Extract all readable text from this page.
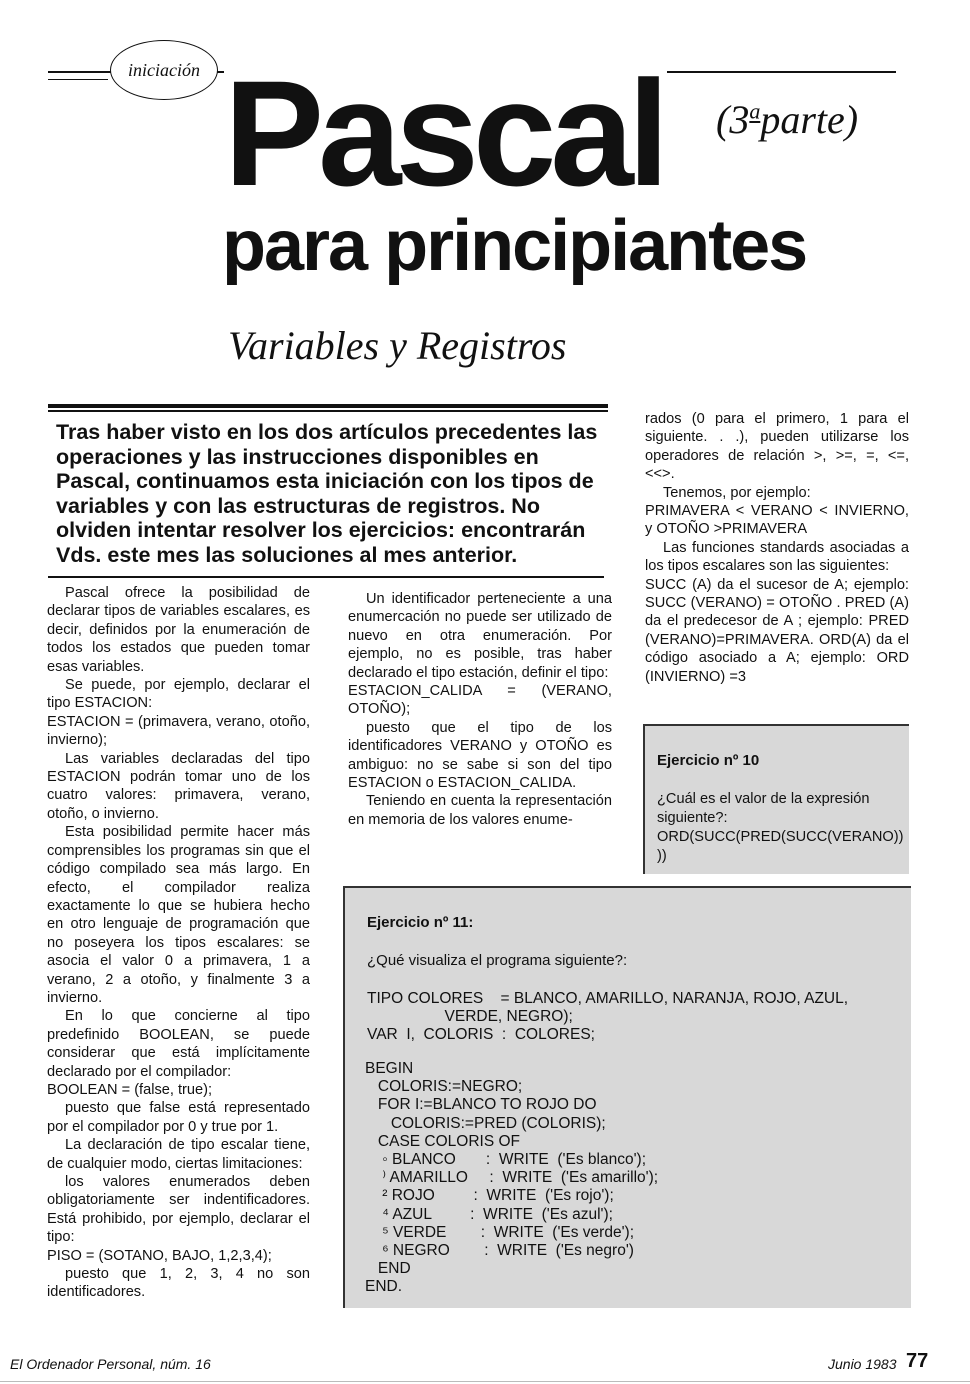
iniciación Pascal (3$^a$parte)
para principiantes
Variables y Registros
Tras haber visto en los dos artículos precedentes las operaciones y las instrucciones disponibles en Pascal, continuamos esta iniciación con los tipos de variables y con las estructuras de registros. No olviden intentar resolver los ejercicios: encontrarán Vds. este mes las soluciones al mes anterior.

Pascal ofrece la posibilidad de declarar tipos de variables escalares, es decir, definidos por la enumeración de todos los estados que pueden tomar esas variables.

Se puede, por ejemplo, declarar el tipo ESTACION:

ESTACION = (primavera, verano, otoño, invierno);

Las variables declaradas del tipo ESTACION podrán tomar uno de los cuatro valores: primavera, verano, otoño, o invierno.

Esta posibilidad permite hacer más comprensibles los programas sin que el código compilado sea más largo. En efecto, el compilador realiza exactamente lo que se hubiera hecho en otro lenguaje de programación que no poseyera los tipos escalares: se asocia el valor 0 a primavera, 1 a verano, 2 a otoño, y finalmente 3 a invierno.

En lo que concierne al tipo predefinido BOOLEAN, se puede considerar que está implícitamente declarado por el compilador:

BOOLEAN = (false, true);

puesto que false está representado por el compilador por 0 y true por 1.

La declaración de tipo escalar tiene, de cualquier modo, ciertas limitaciones:

los valores enumerados deben obligatoriamente ser indentificadores. Está prohibido, por ejemplo, declarar el tipo:

PISO = (SOTANO, BAJO, 1,2,3,4);

puesto que 1, 2, 3, 4 no son identificadores.

Un identificador perteneciente a una enumercación no puede ser utilizado de nuevo en otra enumeración. Por ejemplo, no es posible, tras haber declarado el tipo estación, definir el tipo:

ESTACION_CALIDA = (VERANO, OTOÑO);

puesto que el tipo de los identificadores VERANO y OTOÑO es ambiguo: no se sabe si son del tipo ESTACION o ESTACION_CALIDA.

Teniendo en cuenta la representación en memoria de los valores enume-

rados (0 para el primero, 1 para el siguiente. . .), pueden utilizarse los operadores de relación >, >=, =, <=, <<>.

Tenemos, por ejemplo:

PRIMAVERA < VERANO < INVIERNO, y OTOÑO >PRIMAVERA

Las funciones standards asociadas a los tipos escalares son las siguientes:

SUCC (A) da el sucesor de A; ejemplo: SUCC (VERANO) = OTOÑO . PRED (A) da el predecesor de A ; ejemplo: PRED (VERANO)=PRIMAVERA. ORD(A) da el código asociado a A; ejemplo: ORD (INVIERNO) =3

Ejercicio nº 10
¿Cuál es el valor de la expresión siguiente?: ORD(SUCC(PRED(SUCC(VERANO)) ))
Ejercicio nº 11:
¿Qué visualiza el programa siguiente?:
TIPO COLORES    = BLANCO, AMARILLO, NARANJA, ROJO, AZUL,
VERDE, NEGRO);
VAR  I,  COLORIS  :  COLORES;
BEGIN
COLORIS:=NEGRO;
FOR I:=BLANCO TO ROJO DO
COLORIS:=PRED (COLORIS);
CASE COLORIS OF
◦ BLANCO       :  WRITE  ('Es blanco');
⁾ AMARILLO     :  WRITE  ('Es amarillo');
² ROJO         :  WRITE  ('Es rojo');
⁴ AZUL         :  WRITE  ('Es azul');
⁵ VERDE        :  WRITE  ('Es verde');
⁶ NEGRO        :  WRITE  ('Es negro')
END
END.
El Ordenador Personal, núm. 16	Junio 1983 77
